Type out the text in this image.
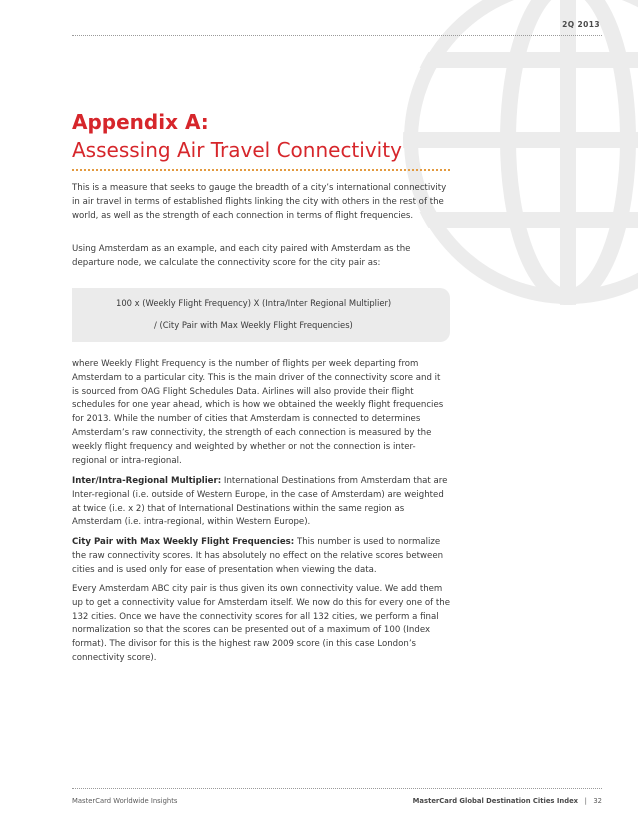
2Q 2013
Appendix A:
Assessing Air Travel Connectivity

This is a measure that seeks to gauge the breadth of a city’s international connectivity in air travel in terms of established flights linking the city with others in the rest of the world, as well as the strength of each connection in terms of flight frequencies.

Using Amsterdam as an example, and each city paired with Amsterdam as the departure node, we calculate the connectivity score for the city pair as:

100 x (Weekly Flight Frequency) X (Intra/Inter Regional Multiplier)
/ (City Pair with Max Weekly Flight Frequencies)

where Weekly Flight Frequency is the number of flights per week departing from Amsterdam to a particular city. This is the main driver of the connectivity score and it is sourced from OAG Flight Schedules Data. Airlines will also provide their flight schedules for one year ahead, which is how we obtained the weekly flight frequencies for 2013. While the number of cities that Amsterdam is connected to determines Amsterdam’s raw connectivity, the strength of each connection is measured by the weekly flight frequency and weighted by whether or not the connection is inter-regional or intra-regional.

Inter/Intra-Regional Multiplier: International Destinations from Amsterdam that are Inter-regional (i.e. outside of Western Europe, in the case of Amsterdam) are weighted at twice (i.e. x 2) that of International Destinations within the same region as Amsterdam (i.e. intra-regional, within Western Europe).

City Pair with Max Weekly Flight Frequencies: This number is used to normalize the raw connectivity scores. It has absolutely no effect on the relative scores between cities and is used only for ease of presentation when viewing the data.

Every Amsterdam ABC city pair is thus given its own connectivity value. We add them up to get a connectivity value for Amsterdam itself. We now do this for every one of the 132 cities. Once we have the connectivity scores for all 132 cities, we perform a final normalization so that the scores can be presented out of a maximum of 100 (Index format). The divisor for this is the highest raw 2009 score (in this case London’s connectivity score).

MasterCard Worldwide Insights	MasterCard Global Destination Cities Index | 32
